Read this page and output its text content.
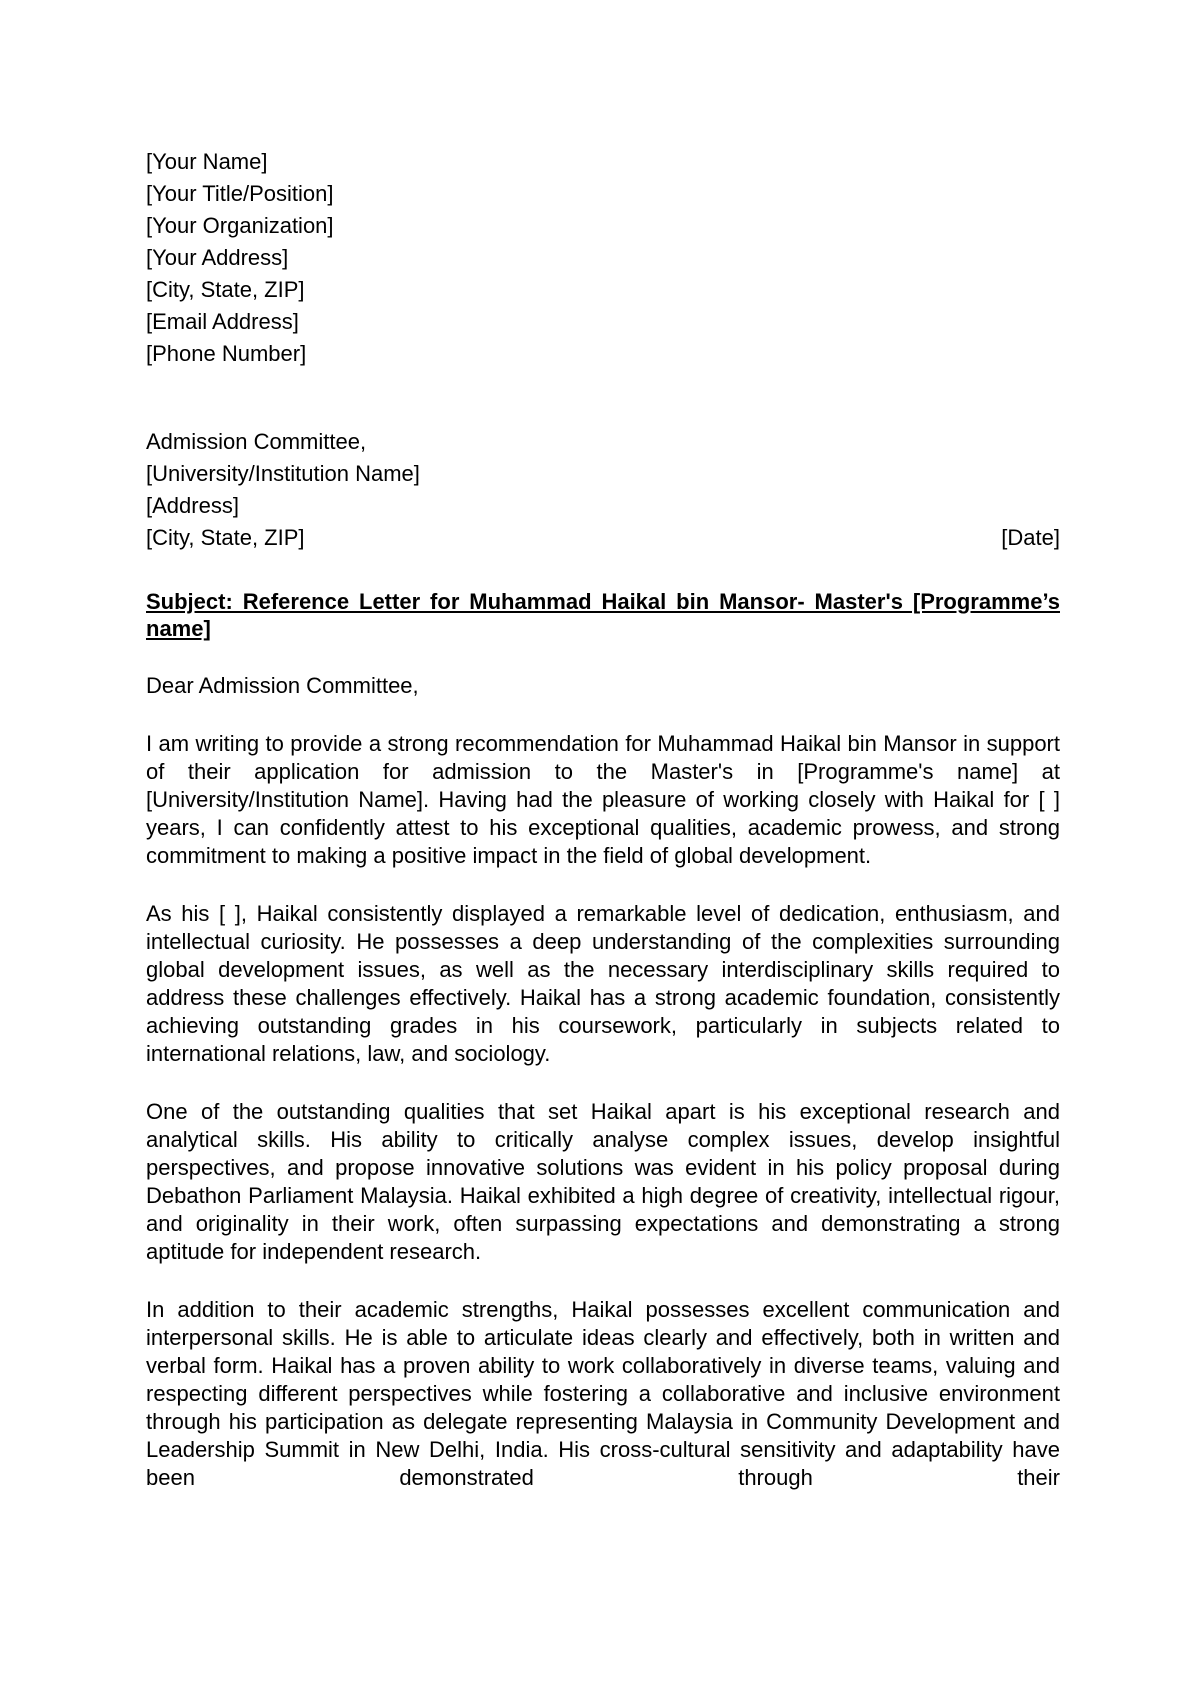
[Your Name]
[Your Title/Position]
[Your Organization]
[Your Address]
[City, State, ZIP]
[Email Address]
[Phone Number]
Admission Committee,
[University/Institution Name]
[Address]
[City, State, ZIP]	[Date]
Subject: Reference Letter for Muhammad Haikal bin Mansor- Master's [Programme’s name]
Dear Admission Committee,
I am writing to provide a strong recommendation for Muhammad Haikal bin Mansor in support of their application for admission to the Master's in [Programme's name] at [University/Institution Name]. Having had the pleasure of working closely with Haikal for [ ] years, I can confidently attest to his exceptional qualities, academic prowess, and strong commitment to making a positive impact in the field of global development.
As his [ ], Haikal consistently displayed a remarkable level of dedication, enthusiasm, and intellectual curiosity. He possesses a deep understanding of the complexities surrounding global development issues, as well as the necessary interdisciplinary skills required to address these challenges effectively. Haikal has a strong academic foundation, consistently achieving outstanding grades in his coursework, particularly in subjects related to international relations, law, and sociology.
One of the outstanding qualities that set Haikal apart is his exceptional research and analytical skills. His ability to critically analyse complex issues, develop insightful perspectives, and propose innovative solutions was evident in his policy proposal during Debathon Parliament Malaysia. Haikal exhibited a high degree of creativity, intellectual rigour, and originality in their work, often surpassing expectations and demonstrating a strong aptitude for independent research.
In addition to their academic strengths, Haikal possesses excellent communication and interpersonal skills. He is able to articulate ideas clearly and effectively, both in written and verbal form. Haikal has a proven ability to work collaboratively in diverse teams, valuing and respecting different perspectives while fostering a collaborative and inclusive environment through his participation as delegate representing Malaysia in Community Development and Leadership Summit in New Delhi, India. His cross-cultural sensitivity and adaptability have been demonstrated through their
